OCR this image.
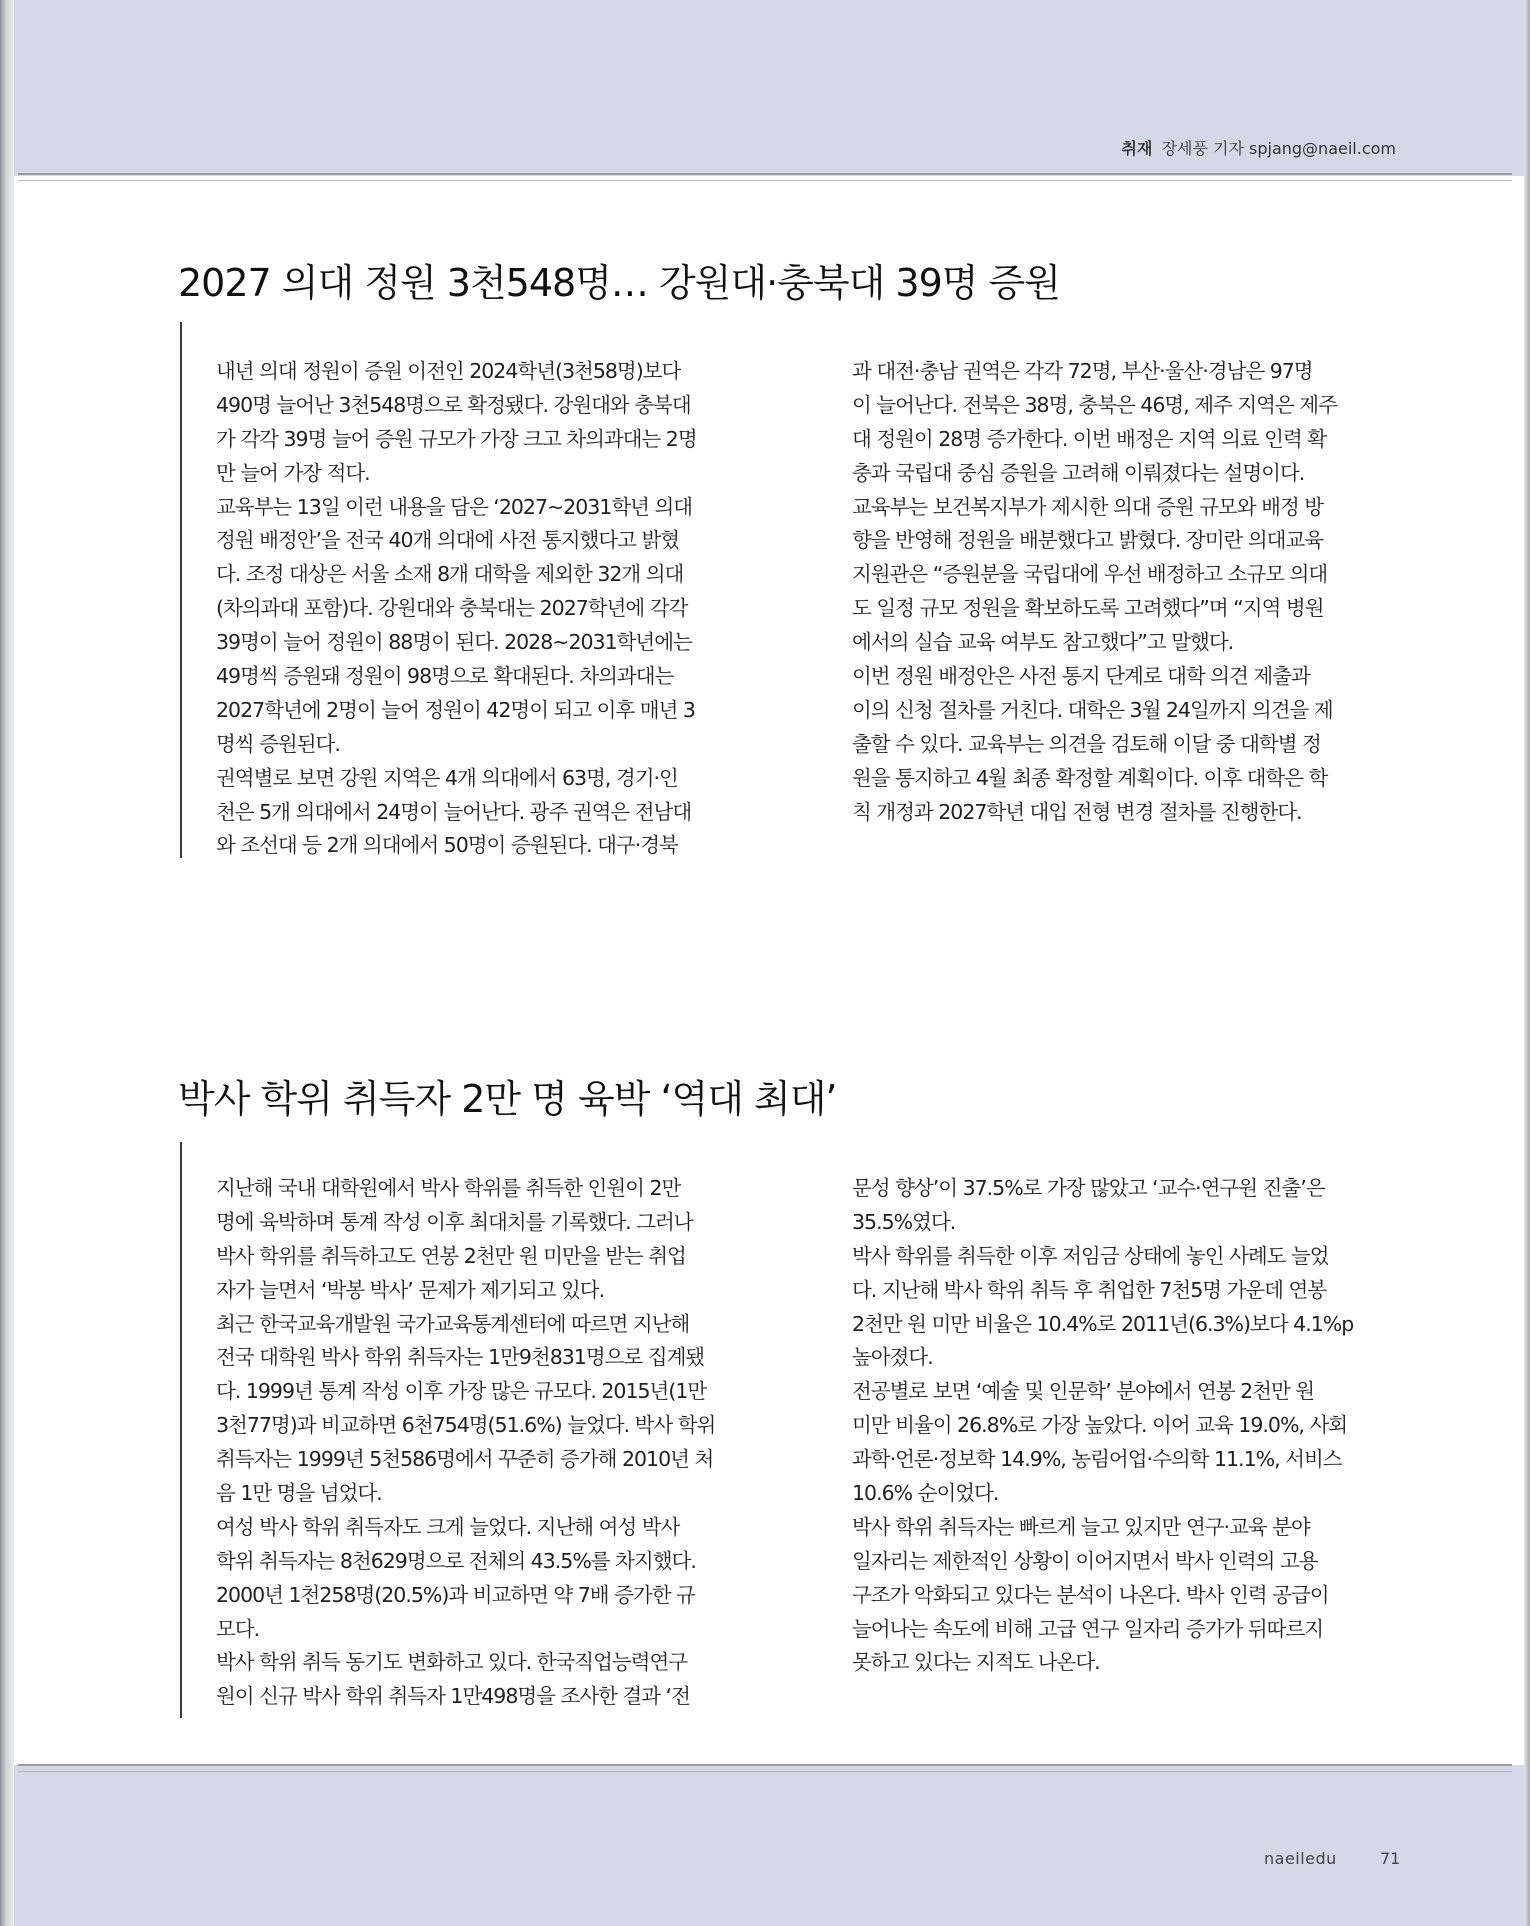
취재 장세풍 기자 spjang@naeil.com
2027 의대 정원 3천548명… 강원대·충북대 39명 증원
내년 의대 정원이 증원 이전인 2024학년(3천58명)보다
490명 늘어난 3천548명으로 확정됐다. 강원대와 충북대
가 각각 39명 늘어 증원 규모가 가장 크고 차의과대는 2명
만 늘어 가장 적다.
교육부는 13일 이런 내용을 담은 ‘2027~2031학년 의대
정원 배정안’을 전국 40개 의대에 사전 통지했다고 밝혔
다. 조정 대상은 서울 소재 8개 대학을 제외한 32개 의대
(차의과대 포함)다. 강원대와 충북대는 2027학년에 각각
39명이 늘어 정원이 88명이 된다. 2028~2031학년에는
49명씩 증원돼 정원이 98명으로 확대된다. 차의과대는
2027학년에 2명이 늘어 정원이 42명이 되고 이후 매년 3
명씩 증원된다.
권역별로 보면 강원 지역은 4개 의대에서 63명, 경기·인
천은 5개 의대에서 24명이 늘어난다. 광주 권역은 전남대
와 조선대 등 2개 의대에서 50명이 증원된다. 대구·경북
과 대전·충남 권역은 각각 72명, 부산·울산·경남은 97명
이 늘어난다. 전북은 38명, 충북은 46명, 제주 지역은 제주
대 정원이 28명 증가한다. 이번 배정은 지역 의료 인력 확
충과 국립대 중심 증원을 고려해 이뤄졌다는 설명이다.
교육부는 보건복지부가 제시한 의대 증원 규모와 배정 방
향을 반영해 정원을 배분했다고 밝혔다. 장미란 의대교육
지원관은 “증원분을 국립대에 우선 배정하고 소규모 의대
도 일정 규모 정원을 확보하도록 고려했다”며 “지역 병원
에서의 실습 교육 여부도 참고했다”고 말했다.
이번 정원 배정안은 사전 통지 단계로 대학 의견 제출과
이의 신청 절차를 거친다. 대학은 3월 24일까지 의견을 제
출할 수 있다. 교육부는 의견을 검토해 이달 중 대학별 정
원을 통지하고 4월 최종 확정할 계획이다. 이후 대학은 학
칙 개정과 2027학년 대입 전형 변경 절차를 진행한다.
박사 학위 취득자 2만 명 육박 ‘역대 최대’
지난해 국내 대학원에서 박사 학위를 취득한 인원이 2만
명에 육박하며 통계 작성 이후 최대치를 기록했다. 그러나
박사 학위를 취득하고도 연봉 2천만 원 미만을 받는 취업
자가 늘면서 ‘박봉 박사’ 문제가 제기되고 있다.
최근 한국교육개발원 국가교육통계센터에 따르면 지난해
전국 대학원 박사 학위 취득자는 1만9천831명으로 집계됐
다. 1999년 통계 작성 이후 가장 많은 규모다. 2015년(1만
3천77명)과 비교하면 6천754명(51.6%) 늘었다. 박사 학위
취득자는 1999년 5천586명에서 꾸준히 증가해 2010년 처
음 1만 명을 넘었다.
여성 박사 학위 취득자도 크게 늘었다. 지난해 여성 박사
학위 취득자는 8천629명으로 전체의 43.5%를 차지했다.
2000년 1천258명(20.5%)과 비교하면 약 7배 증가한 규
모다.
박사 학위 취득 동기도 변화하고 있다. 한국직업능력연구
원이 신규 박사 학위 취득자 1만498명을 조사한 결과 ‘전
문성 향상’이 37.5%로 가장 많았고 ‘교수·연구원 진출’은
35.5%였다.
박사 학위를 취득한 이후 저임금 상태에 놓인 사례도 늘었
다. 지난해 박사 학위 취득 후 취업한 7천5명 가운데 연봉
2천만 원 미만 비율은 10.4%로 2011년(6.3%)보다 4.1%p
높아졌다.
전공별로 보면 ‘예술 및 인문학’ 분야에서 연봉 2천만 원
미만 비율이 26.8%로 가장 높았다. 이어 교육 19.0%, 사회
과학·언론·정보학 14.9%, 농림어업·수의학 11.1%, 서비스
10.6% 순이었다.
박사 학위 취득자는 빠르게 늘고 있지만 연구·교육 분야
일자리는 제한적인 상황이 이어지면서 박사 인력의 고용
구조가 악화되고 있다는 분석이 나온다. 박사 인력 공급이
늘어나는 속도에 비해 고급 연구 일자리 증가가 뒤따르지
못하고 있다는 지적도 나온다.
naeiledu	71
